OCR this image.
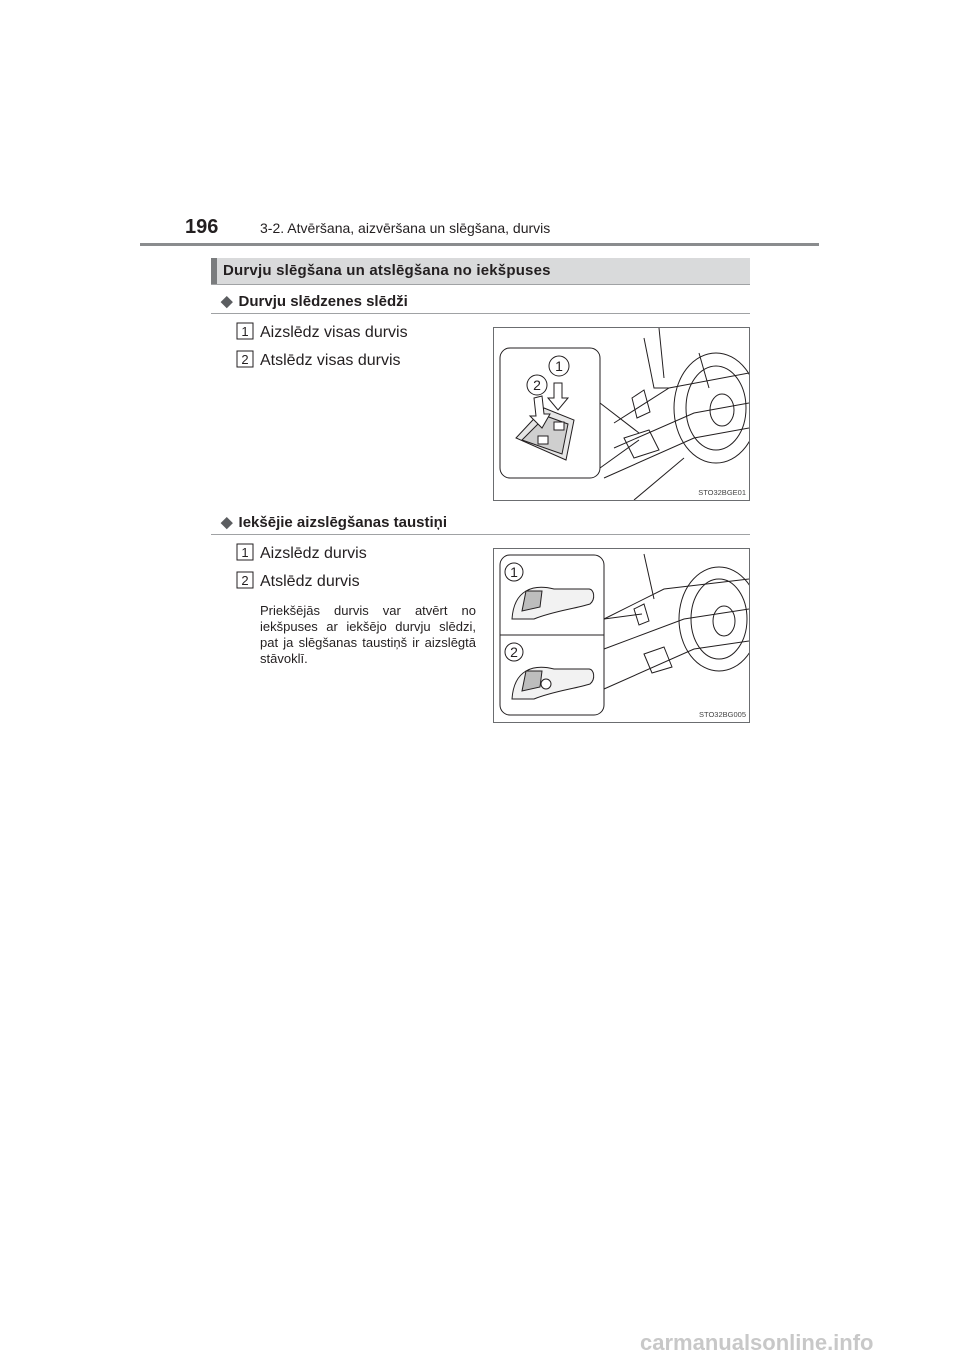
196	3-2. Atvēršana, aizvēršana un slēgšana, durvis
Durvju slēgšana un atslēgšana no iekšpuses
◆ Durvju slēdzenes slēdži
1 Aizslēdz visas durvis
2 Atslēdz visas durvis	1
2
STO32BGE01
◆ Iekšējie aizslēgšanas taustiņi
1 Aizslēdz durvis
2 Atslēdz durvis
Priekšējās durvis var atvērt no iekšpuses ar iekšējo durvju slēdzi, pat ja slēgšanas taustiņš ir aizslēgtā stāvoklī.
1
2
STO32BG005
carmanualsonline.info
